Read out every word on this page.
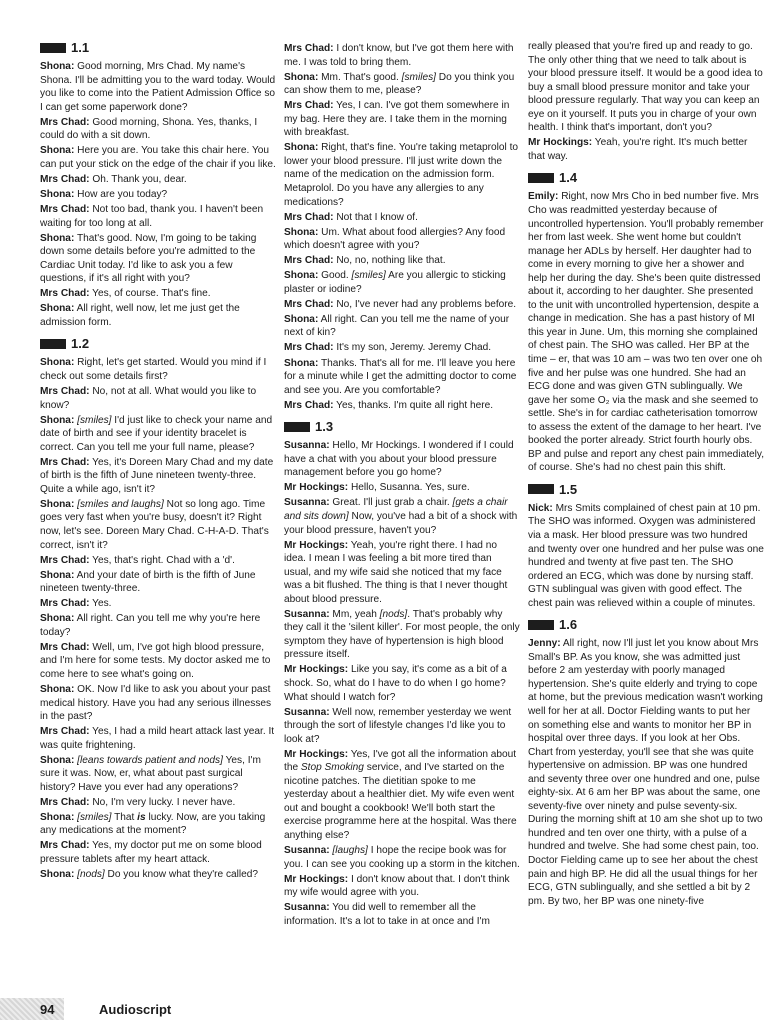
1.1
Shona: Good morning, Mrs Chad. My name's Shona. I'll be admitting you to the ward today. Would you like to come into the Patient Admission Office so I can get some paperwork done?
Mrs Chad: Good morning, Shona. Yes, thanks, I could do with a sit down.
Shona: Here you are. You take this chair here. You can put your stick on the edge of the chair if you like.
Mrs Chad: Oh. Thank you, dear.
Shona: How are you today?
Mrs Chad: Not too bad, thank you. I haven't been waiting for too long at all.
Shona: That's good. Now, I'm going to be taking down some details before you're admitted to the Cardiac Unit today. I'd like to ask you a few questions, if it's all right with you?
Mrs Chad: Yes, of course. That's fine.
Shona: All right, well now, let me just get the admission form.
1.2
Shona: Right, let's get started. Would you mind if I check out some details first?
Mrs Chad: No, not at all. What would you like to know?
Shona: [smiles] I'd just like to check your name and date of birth and see if your identity bracelet is correct. Can you tell me your full name, please?
Mrs Chad: Yes, it's Doreen Mary Chad and my date of birth is the fifth of June nineteen twenty-three. Quite a while ago, isn't it?
Shona: [smiles and laughs] Not so long ago. Time goes very fast when you're busy, doesn't it? Right now, let's see. Doreen Mary Chad. C-H-A-D. That's correct, isn't it?
Mrs Chad: Yes, that's right. Chad with a 'd'.
Shona: And your date of birth is the fifth of June nineteen twenty-three.
Mrs Chad: Yes.
Shona: All right. Can you tell me why you're here today?
Mrs Chad: Well, um, I've got high blood pressure, and I'm here for some tests. My doctor asked me to come here to see what's going on.
Shona: OK. Now I'd like to ask you about your past medical history. Have you had any serious illnesses in the past?
Mrs Chad: Yes, I had a mild heart attack last year. It was quite frightening.
Shona: [leans towards patient and nods] Yes, I'm sure it was. Now, er, what about past surgical history? Have you ever had any operations?
Mrs Chad: No, I'm very lucky. I never have.
Shona: [smiles] That is lucky. Now, are you taking any medications at the moment?
Mrs Chad: Yes, my doctor put me on some blood pressure tablets after my heart attack.
Shona: [nods] Do you know what they're called?
Mrs Chad: I don't know, but I've got them here with me. I was told to bring them.
Shona: Mm. That's good. [smiles] Do you think you can show them to me, please?
Mrs Chad: Yes, I can. I've got them somewhere in my bag. Here they are. I take them in the morning with breakfast.
Shona: Right, that's fine. You're taking metaprolol to lower your blood pressure. I'll just write down the name of the medication on the admission form. Metaprolol. Do you have any allergies to any medications?
Mrs Chad: Not that I know of.
Shona: Um. What about food allergies? Any food which doesn't agree with you?
Mrs Chad: No, no, nothing like that.
Shona: Good. [smiles] Are you allergic to sticking plaster or iodine?
Mrs Chad: No, I've never had any problems before.
Shona: All right. Can you tell me the name of your next of kin?
Mrs Chad: It's my son, Jeremy. Jeremy Chad.
Shona: Thanks. That's all for me. I'll leave you here for a minute while I get the admitting doctor to come and see you. Are you comfortable?
Mrs Chad: Yes, thanks. I'm quite all right here.
1.3
Susanna: Hello, Mr Hockings. I wondered if I could have a chat with you about your blood pressure management before you go home?
Mr Hockings: Hello, Susanna. Yes, sure.
Susanna: Great. I'll just grab a chair. [gets a chair and sits down] Now, you've had a bit of a shock with your blood pressure, haven't you?
Mr Hockings: Yeah, you're right there. I had no idea. I mean I was feeling a bit more tired than usual, and my wife said she noticed that my face was a bit flushed. The thing is that I never thought about blood pressure.
Susanna: Mm, yeah [nods]. That's probably why they call it the 'silent killer'. For most people, the only symptom they have of hypertension is high blood pressure itself.
Mr Hockings: Like you say, it's come as a bit of a shock. So, what do I have to do when I go home? What should I watch for?
Susanna: Well now, remember yesterday we went through the sort of lifestyle changes I'd like you to look at?
Mr Hockings: Yes, I've got all the information about the Stop Smoking service, and I've started on the nicotine patches. The dietitian spoke to me yesterday about a healthier diet. My wife even went out and bought a cookbook! We'll both start the exercise programme here at the hospital. Was there anything else?
Susanna: [laughs] I hope the recipe book was for you. I can see you cooking up a storm in the kitchen.
Mr Hockings: I don't know about that. I don't think my wife would agree with you.
Susanna: You did well to remember all the information. It's a lot to take in at once and I'm
really pleased that you're fired up and ready to go. The only other thing that we need to talk about is your blood pressure itself. It would be a good idea to buy a small blood pressure monitor and take your blood pressure regularly. That way you can keep an eye on it yourself. It puts you in charge of your own health. I think that's important, don't you?
Mr Hockings: Yeah, you're right. It's much better that way.
1.4
Emily: Right, now Mrs Cho in bed number five. Mrs Cho was readmitted yesterday because of uncontrolled hypertension. You'll probably remember her from last week. She went home but couldn't manage her ADLs by herself. Her daughter had to come in every morning to give her a shower and help her during the day. She's been quite distressed about it, according to her daughter. She presented to the unit with uncontrolled hypertension, despite a change in medication. She has a past history of MI this year in June. Um, this morning she complained of chest pain. The SHO was called. Her BP at the time – er, that was 10 am – was two ten over one oh five and her pulse was one hundred. She had an ECG done and was given GTN sublingually. We gave her some O₂ via the mask and she seemed to settle. She's in for cardiac catheterisation tomorrow to assess the extent of the damage to her heart. I've booked the porter already. Strict fourth hourly obs. BP and pulse and report any chest pain immediately, of course. She's had no chest pain this shift.
1.5
Nick: Mrs Smits complained of chest pain at 10 pm. The SHO was informed. Oxygen was administered via a mask. Her blood pressure was two hundred and twenty over one hundred and her pulse was one hundred and twenty at five past ten. The SHO ordered an ECG, which was done by nursing staff. GTN sublingual was given with good effect. The chest pain was relieved within a couple of minutes.
1.6
Jenny: All right, now I'll just let you know about Mrs Small's BP. As you know, she was admitted just before 2 am yesterday with poorly managed hypertension. She's quite elderly and trying to cope at home, but the previous medication wasn't working well for her at all. Doctor Fielding wants to put her on something else and wants to monitor her BP in hospital over three days. If you look at her Obs. Chart from yesterday, you'll see that she was quite hypertensive on admission. BP was one hundred and seventy three over one hundred and one, pulse eighty-six. At 6 am her BP was about the same, one seventy-five over ninety and pulse seventy-six. During the morning shift at 10 am she shot up to two hundred and ten over one thirty, with a pulse of a hundred and twelve. She had some chest pain, too. Doctor Fielding came up to see her about the chest pain and high BP. He did all the usual things for her ECG, GTN sublingually, and she settled a bit by 2 pm. By two, her BP was one ninety-five
94	Audioscript
